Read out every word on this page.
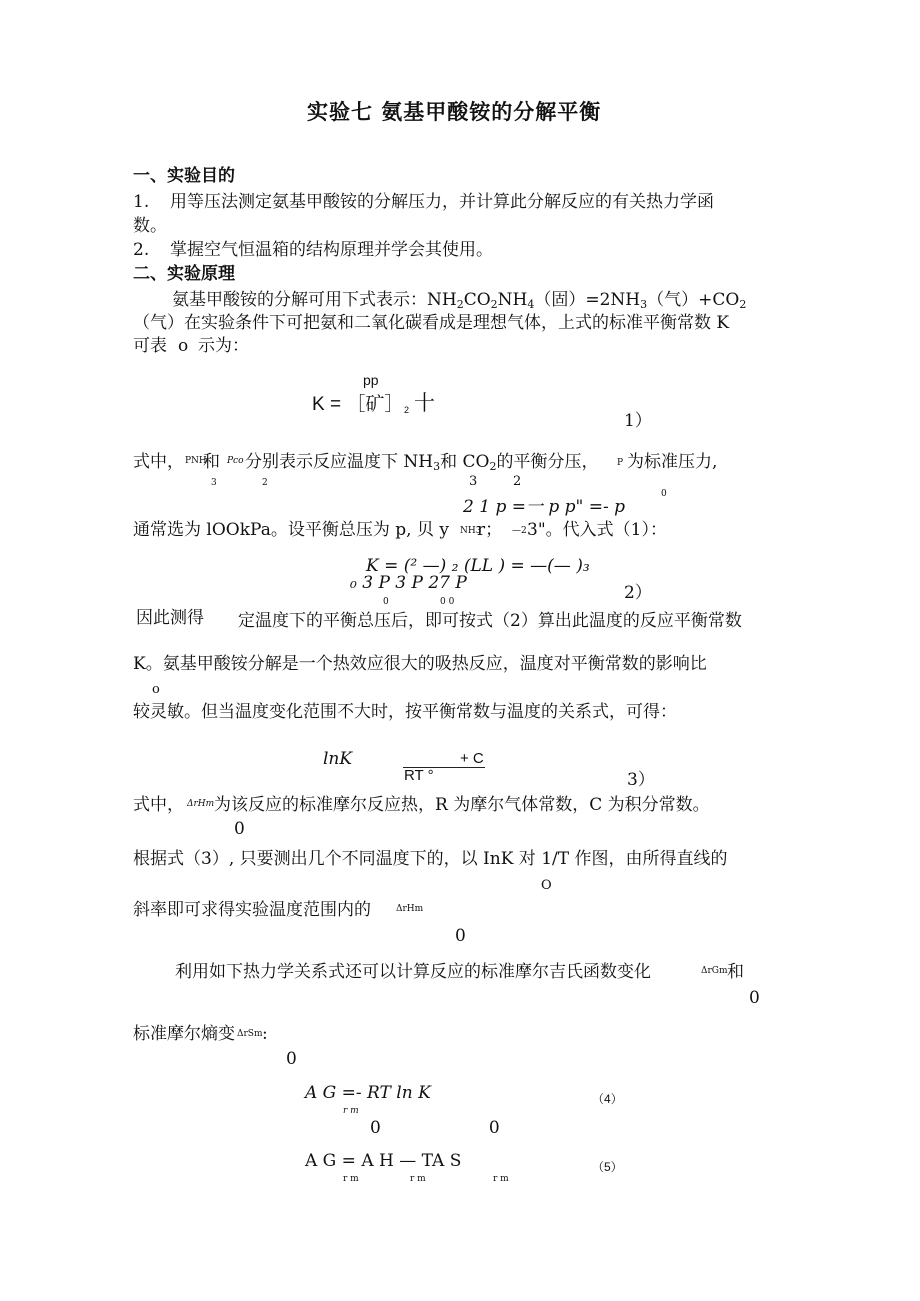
实验七 氨基甲酸铵的分解平衡
一、实验目的
1. 用等压法测定氨基甲酸铵的分解压力，并计算此分解反应的有关热力学函
数。
2. 掌握空气恒温箱的结构原理并学会其使用。
二、实验原理
氨基甲酸铵的分解可用下式表示：$NH_2CO_2NH_4$（固）$=2NH_3$（气）$+CO_2$
（气）在实验条件下可把氨和二氧化碳看成是理想气体，上式的标准平衡常数 K
可表 o 示为：
pp
K = ［矿］ 2 十
1）
式中， PNH
和 Pco 分别表示反应温度下 $NH_3$和 $CO_2$的平衡分压， P 为标准压力,
3	2	3	2
0
2 1 p =一 p p" =- p
通常选为 lOOkPa。设平衡总压为 p, 贝 y NH3
r； —2 3"。代入式（1）：
K = (² —) ₂ (LL ) = —(— )₃
₀ 3 P 3 P 27 P
0	0 0	2）
因此测得 定温度下的平衡总压后，即可按式（2）算出此温度的反应平衡常数
K。氨基甲酸铵分解是一个热效应很大的吸热反应，温度对平衡常数的影响比
o
较灵敏。但当温度变化范围不大时，按平衡常数与温度的关系式，可得：
lnK	+ C
RT °	3）
式中， ΔrHm 为该反应的标准摩尔反应热，R 为摩尔气体常数，C 为积分常数。
0
根据式（3）, 只要测出几个不同温度下的，以 InK 对 1/T 作图，由所得直线的
O
斜率即可求得实验温度范围内的	ΔrHm
0
利用如下热力学关系式还可以计算反应的标准摩尔吉氏函数变化	ΔrGm 和
0
标准摩尔熵变 ΔrSm :
0
A G =- RT ln K
r m
0                    0
（4）
A G = A H — TA S
r m	r m	r m
（5）
